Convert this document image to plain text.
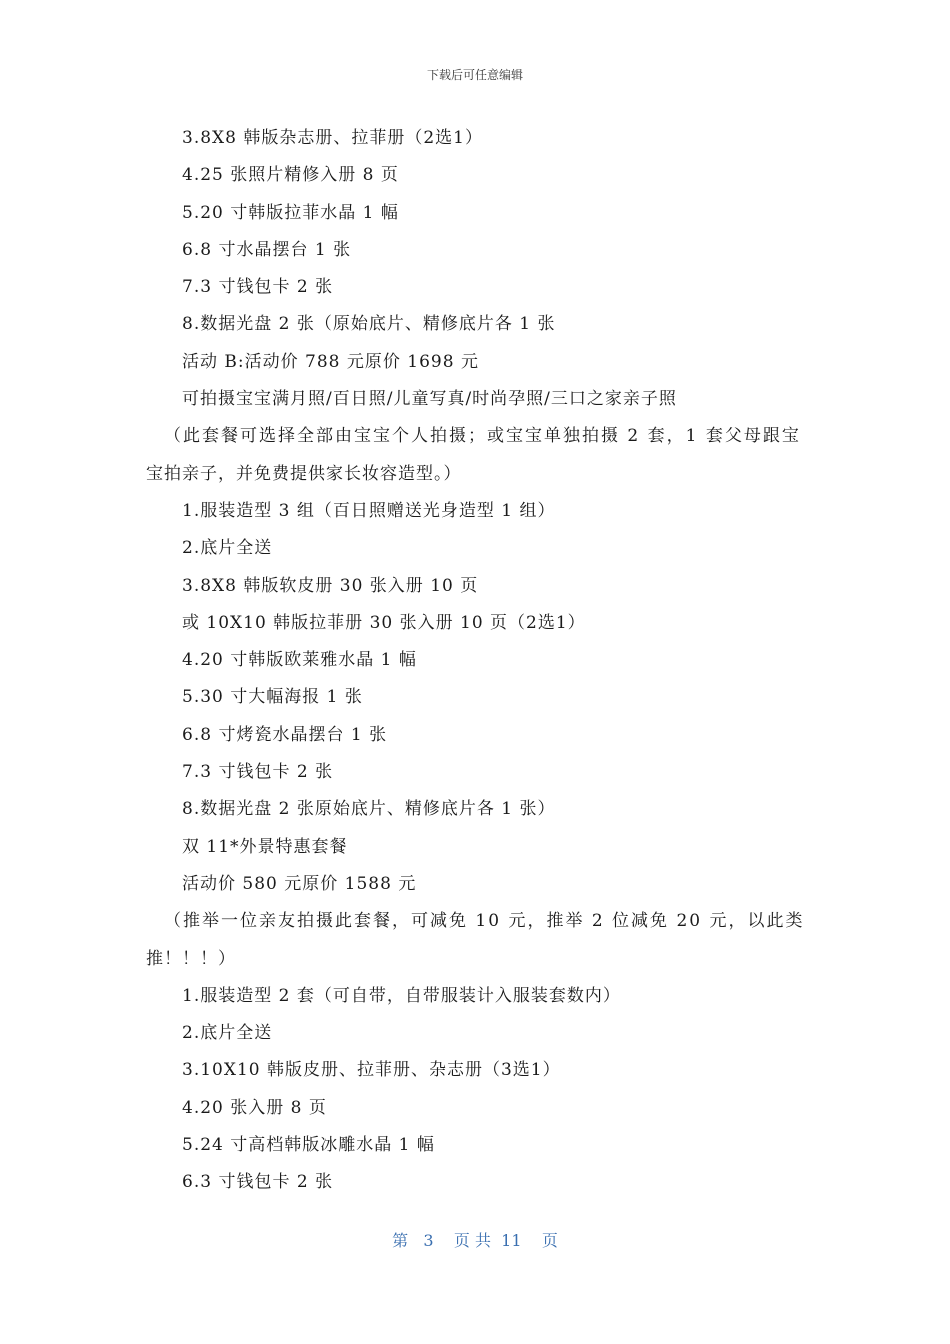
下载后可任意编辑
3.8X8 韩版杂志册、拉菲册（2选1）
4.25 张照片精修入册 8 页
5.20 寸韩版拉菲水晶 1 幅
6.8 寸水晶摆台 1 张
7.3 寸钱包卡 2 张
8.数据光盘 2 张（原始底片、精修底片各 1 张
活动 B:活动价 788 元原价 1698 元
可拍摄宝宝满月照/百日照/儿童写真/时尚孕照/三口之家亲子照
（此套餐可选择全部由宝宝个人拍摄；或宝宝单独拍摄 2 套，1 套父母跟宝
宝拍亲子，并免费提供家长妆容造型。）
1.服装造型 3 组（百日照赠送光身造型 1 组）
2.底片全送
3.8X8 韩版软皮册 30 张入册 10 页
或 10X10 韩版拉菲册 30 张入册 10 页（2选1）
4.20 寸韩版欧莱雅水晶 1 幅
5.30 寸大幅海报 1 张
6.8 寸烤瓷水晶摆台 1 张
7.3 寸钱包卡 2 张
8.数据光盘 2 张原始底片、精修底片各 1 张）
双 11*外景特惠套餐
活动价 580 元原价 1588 元
（推举一位亲友拍摄此套餐，可减免 10 元，推举 2 位减免 20 元，以此类
推！！！）
1.服装造型 2 套（可自带，自带服装计入服装套数内）
2.底片全送
3.10X10 韩版皮册、拉菲册、杂志册（3选1）
4.20 张入册 8 页
5.24 寸高档韩版冰雕水晶 1 幅
6.3 寸钱包卡 2 张
第   3    页 共  11    页
